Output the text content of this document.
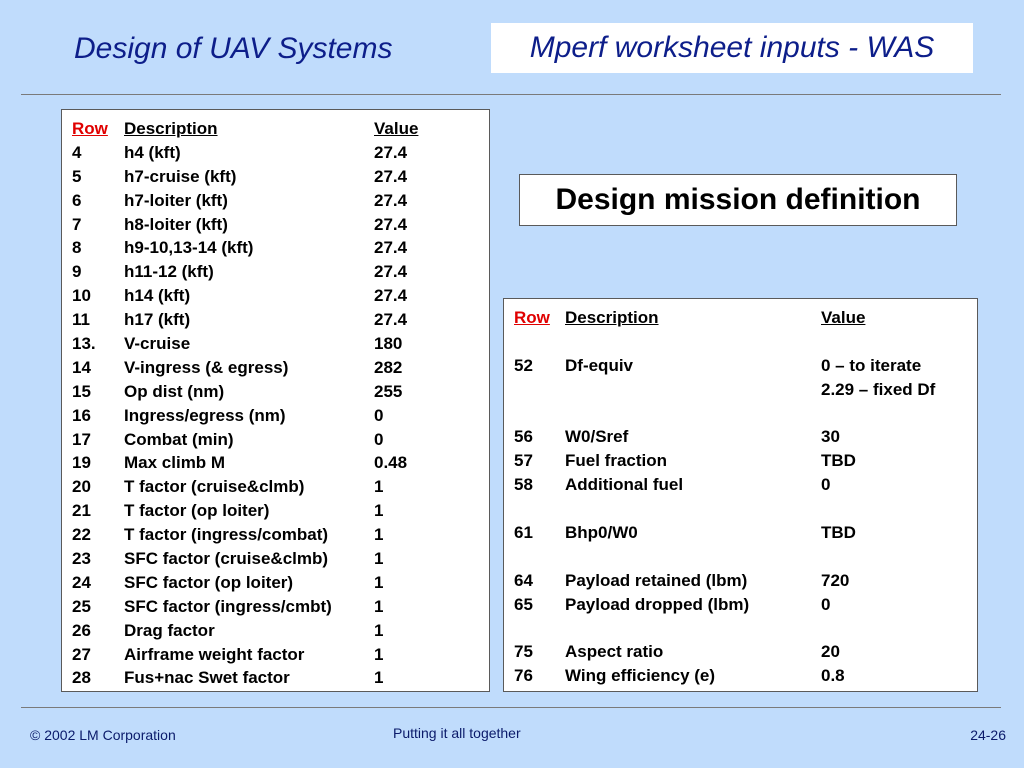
Design of UAV Systems	Mperf worksheet inputs - WAS
Row Description	Value
4	h4 (kft)	27.4
5	h7-cruise (kft)	27.4
6	h7-loiter (kft)	27.4
7	h8-loiter (kft)	27.4
8	h9-10,13-14 (kft)	27.4
9	h11-12 (kft)	27.4
10	h14 (kft)	27.4
11	h17 (kft)	27.4
13.	V-cruise	180
14	V-ingress (& egress)	282
15	Op dist (nm)	255
16	Ingress/egress (nm)	0
17	Combat (min)	0
19	Max climb M	0.48
20	T factor (cruise&clmb)	1
21	T factor (op loiter)	1
22	T factor (ingress/combat)	1
23	SFC factor (cruise&clmb)	1
24	SFC factor (op loiter)	1
25	SFC factor (ingress/cmbt)	1
26	Drag factor	1
27	Airframe weight factor	1
28	Fus+nac Swet factor	1
Design mission definition
Row Description	Value
52	Df-equiv	0 – to iterate
2.29 – fixed Df
56	W0/Sref	30
57	Fuel fraction	TBD
58	Additional fuel	0
61	Bhp0/W0	TBD
64	Payload retained (lbm)	720
65	Payload dropped (lbm)	0
75	Aspect ratio	20
76	Wing efficiency (e)	0.8
© 2002 LM Corporation	Putting it all together	24-26
